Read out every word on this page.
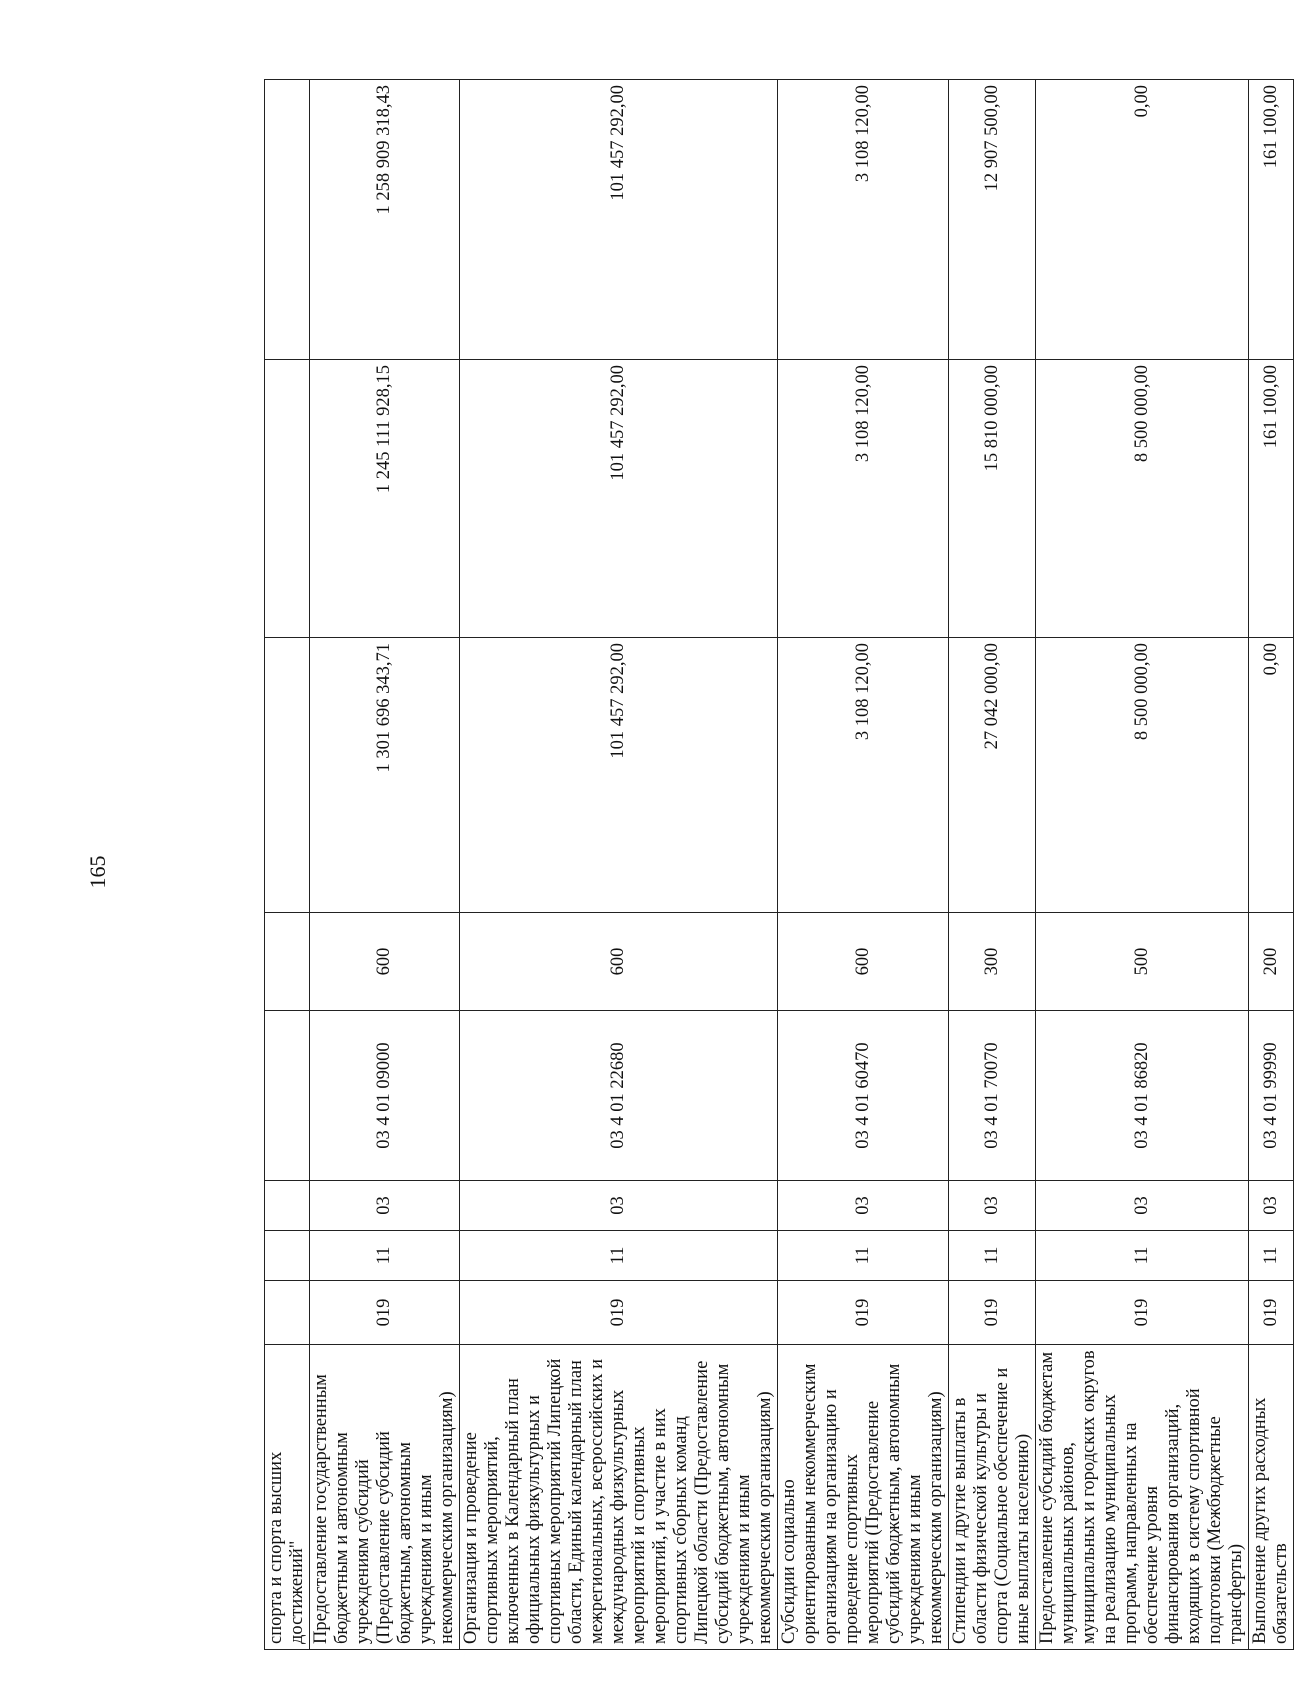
165
спорта и спорта высших достижений"								
Предоставление государственным бюджетным и автономным учреждениям субсидий (Предоставление субсидий бюджетным, автономным учреждениям и иным некоммерческим организациям)	019	11	03	03 4 01 09000	600	1 301 696 343,71	1 245 111 928,15	1 258 909 318,43
Организация и проведение спортивных мероприятий, включенных в Календарный план официальных физкультурных и спортивных мероприятий Липецкой области, Единый календарный план межрегиональных, всероссийских и международных физкультурных мероприятий и спортивных мероприятий, и участие в них спортивных сборных команд Липецкой области (Предоставление субсидий бюджетным, автономным учреждениям и иным некоммерческим организациям)	019	11	03	03 4 01 22680	600	101 457 292,00	101 457 292,00	101 457 292,00
Субсидии социально ориентированным некоммерческим организациям на организацию и проведение спортивных мероприятий (Предоставление субсидий бюджетным, автономным учреждениям и иным некоммерческим организациям)	019	11	03	03 4 01 60470	600	3 108 120,00	3 108 120,00	3 108 120,00
Стипендии и другие выплаты в области физической культуры и спорта (Социальное обеспечение и иные выплаты населению)	019	11	03	03 4 01 70070	300	27 042 000,00	15 810 000,00	12 907 500,00
Предоставление субсидий бюджетам муниципальных районов, муниципальных и городских округов на реализацию муниципальных программ, направленных на обеспечение уровня финансирования организаций, входящих в систему спортивной подготовки (Межбюджетные трансферты)	019	11	03	03 4 01 86820	500	8 500 000,00	8 500 000,00	0,00
Выполнение других расходных обязательств	019	11	03	03 4 01 99990	200	0,00	161 100,00	161 100,00
